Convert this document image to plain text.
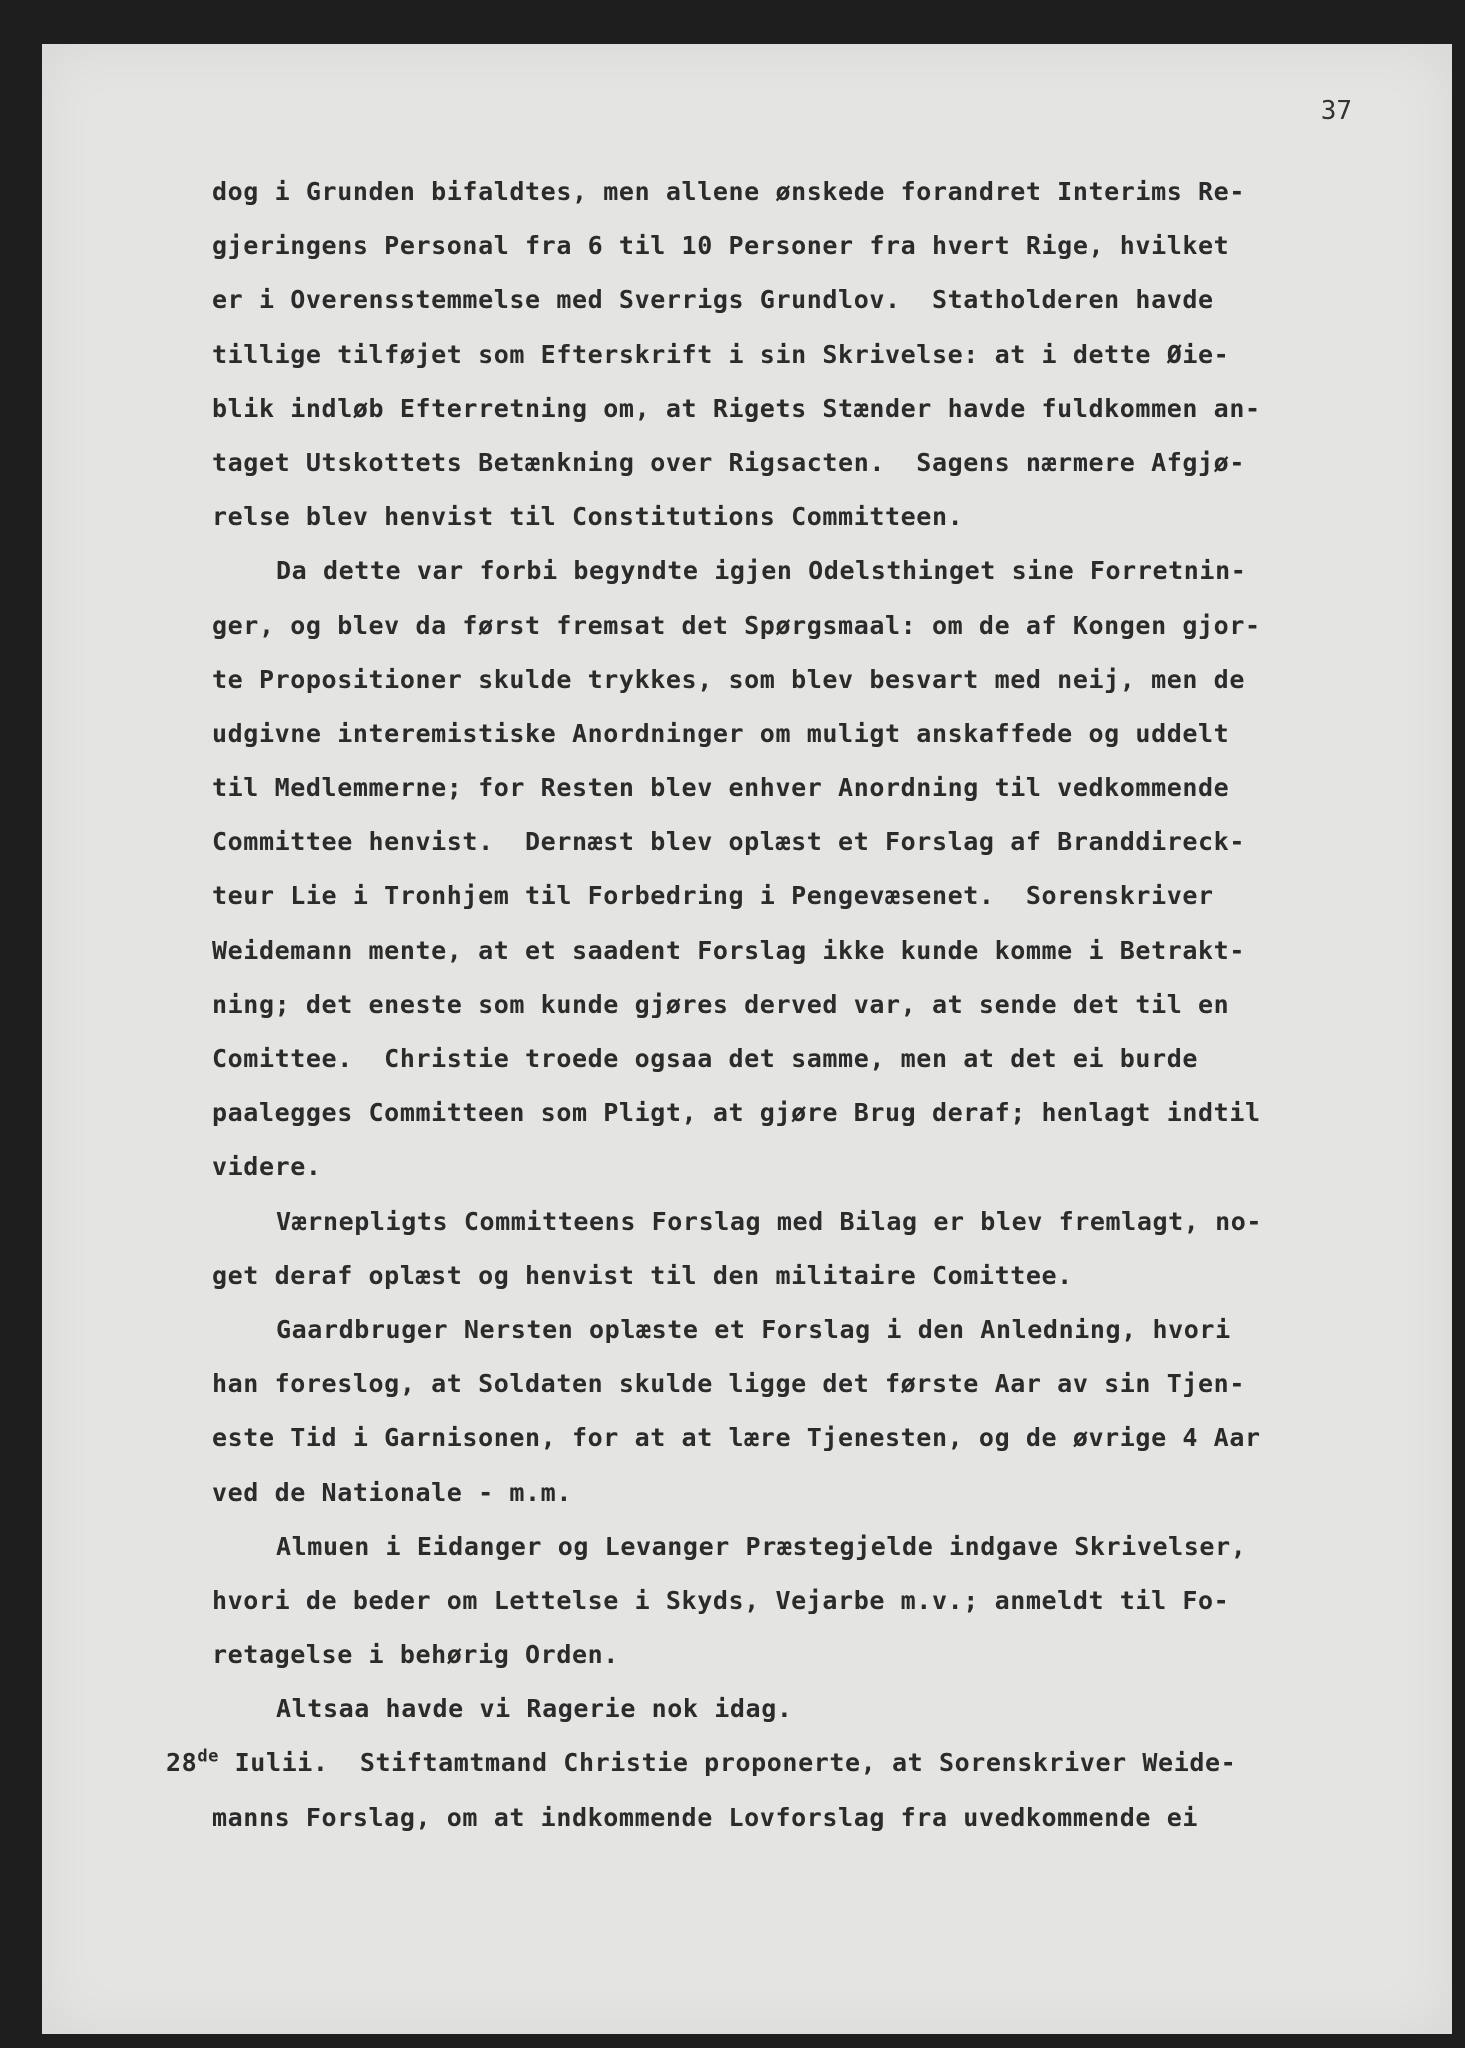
37
dog i Grunden bifaldtes, men allene ønskede forandret Interims Re-
gjeringens Personal fra 6 til 10 Personer fra hvert Rige, hvilket
er i Overensstemmelse med Sverrigs Grundlov.  Statholderen havde
tillige tilføjet som Efterskrift i sin Skrivelse: at i dette Øie-
blik indløb Efterretning om, at Rigets Stænder havde fuldkommen an-
taget Utskottets Betænkning over Rigsacten.  Sagens nærmere Afgjø-
relse blev henvist til Constitutions Committeen.
Da dette var forbi begyndte igjen Odelsthinget sine Forretnin-
ger, og blev da først fremsat det Spørgsmaal: om de af Kongen gjor-
te Propositioner skulde trykkes, som blev besvart med neij, men de
udgivne interemistiske Anordninger om muligt anskaffede og uddelt
til Medlemmerne; for Resten blev enhver Anordning til vedkommende
Committee henvist.  Dernæst blev oplæst et Forslag af Branddireck-
teur Lie i Tronhjem til Forbedring i Pengevæsenet.  Sorenskriver
Weidemann mente, at et saadent Forslag ikke kunde komme i Betrakt-
ning; det eneste som kunde gjøres derved var, at sende det til en
Comittee.  Christie troede ogsaa det samme, men at det ei burde
paalegges Committeen som Pligt, at gjøre Brug deraf; henlagt indtil
videre.
Værnepligts Committeens Forslag med Bilag er blev fremlagt, no-
get deraf oplæst og henvist til den militaire Comittee.
Gaardbruger Nersten oplæste et Forslag i den Anledning, hvori
han foreslog, at Soldaten skulde ligge det første Aar av sin Tjen-
este Tid i Garnisonen, for at at lære Tjenesten, og de øvrige 4 Aar
ved de Nationale - m.m.
Almuen i Eidanger og Levanger Præstegjelde indgave Skrivelser,
hvori de beder om Lettelse i Skyds, Vejarbe m.v.; anmeldt til Fo-
retagelse i behørig Orden.
Altsaa havde vi Ragerie nok idag.
28de Iulii.  Stiftamtmand Christie proponerte, at Sorenskriver Weide-
manns Forslag, om at indkommende Lovforslag fra uvedkommende ei
